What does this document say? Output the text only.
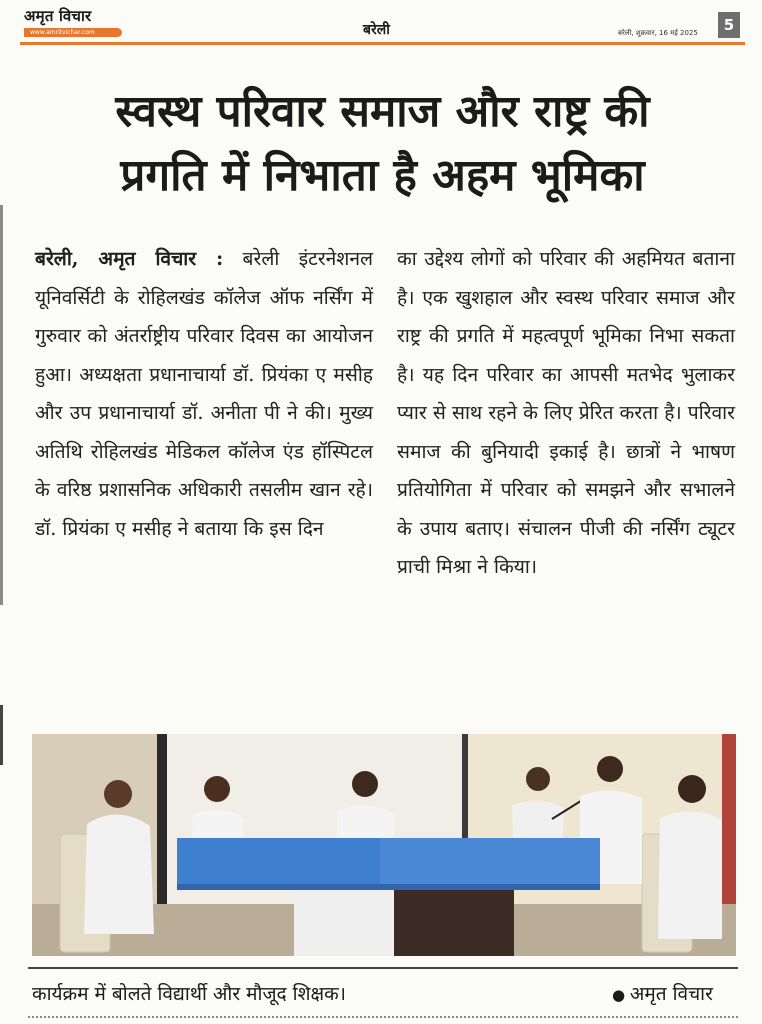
अमृत विचार
www.amritvichar.com	बरेली	बरेली, शुक्रवार, 16 मई 2025	5
स्वस्थ परिवार समाज और राष्ट्र की
प्रगति में निभाता है अहम भूमिका

बरेली, अमृत विचार : बरेली इंटरनेशनल यूनिवर्सिटी के रोहिलखंड कॉलेज ऑफ नर्सिंग में गुरुवार को अंतर्राष्ट्रीय परिवार दिवस का आयोजन हुआ। अध्यक्षता प्रधानाचार्या डॉ. प्रियंका ए मसीह और उप प्रधानाचार्या डॉ. अनीता पी ने की। मुख्य अतिथि रोहिलखंड मेडिकल कॉलेज एंड हॉस्पिटल के वरिष्ठ प्रशासनिक अधिकारी तसलीम खान रहे। डॉ. प्रियंका ए मसीह ने बताया कि इस दिन

का उद्देश्य लोगों को परिवार की अहमियत बताना है। एक खुशहाल और स्वस्थ परिवार समाज और राष्ट्र की प्रगति में महत्वपूर्ण भूमिका निभा सकता है। यह दिन परिवार का आपसी मतभेद भुलाकर प्यार से साथ रहने के लिए प्रेरित करता है। परिवार समाज की बुनियादी इकाई है। छात्रों ने भाषण प्रतियोगिता में परिवार को समझने और सभालने के उपाय बताए। संचालन पीजी की नर्सिंग ट्यूटर प्राची मिश्रा ने किया।

कार्यक्रम में बोलते विद्यार्थी और मौजूद शिक्षक।	● अमृत विचार
